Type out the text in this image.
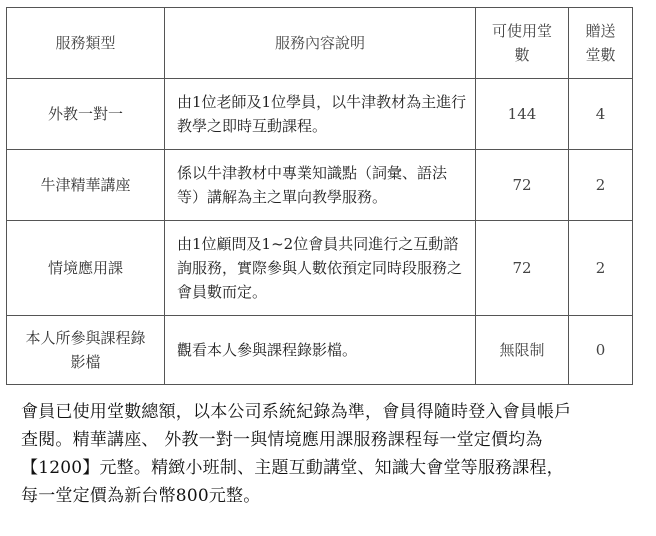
服務類型	服務內容說明	可使用堂數	贈送堂數

外教一對一	由1位老師及1位學員，以牛津教材為主進行教學之即時互動課程。	144	4
牛津精華講座	係以牛津教材中專業知識點（詞彙、語法等）講解為主之單向教學服務。	72	2
情境應用課	由1位顧問及1~2位會員共同進行之互動諮詢服務，實際參與人數依預定同時段服務之會員數而定。	72	2

本人所參與課程錄影檔	觀看本人參與課程錄影檔。	無限制	0

會員已使用堂數總額，以本公司系統紀錄為準，會員得隨時登入會員帳戶查閱。精華講座、 外教一對一與情境應用課服務課程每一堂定價均為【1200】元整。精緻小班制、主題互動講堂、知識大會堂等服務課程，每一堂定價為新台幣800元整。
